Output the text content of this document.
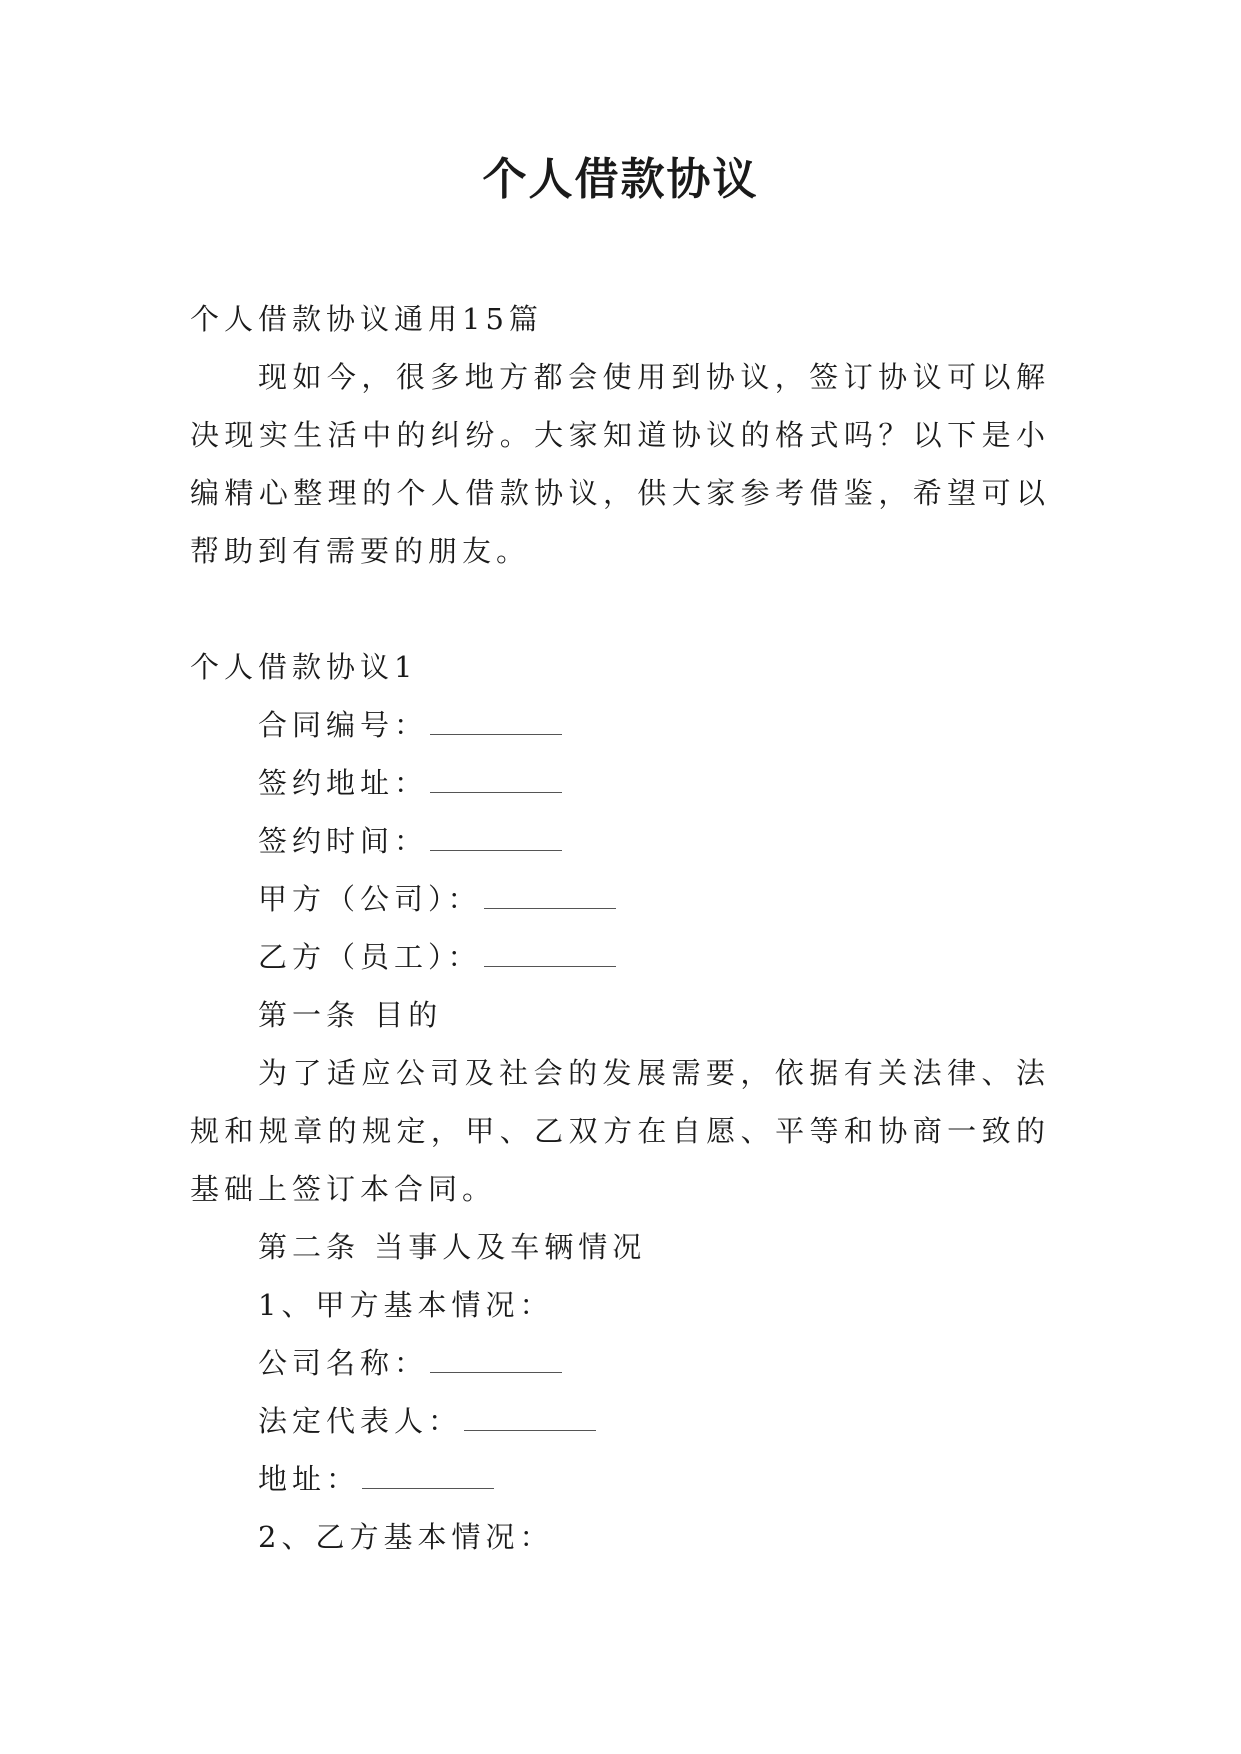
个人借款协议

个人借款协议通用15篇

现如今，很多地方都会使用到协议，签订协议可以解决现实生活中的纠纷。大家知道协议的格式吗？以下是小编精心整理的个人借款协议，供大家参考借鉴，希望可以帮助到有需要的朋友。

个人借款协议1

合同编号：

签约地址：

签约时间：

甲方（公司）：

乙方（员工）：

第一条 目的

为了适应公司及社会的发展需要，依据有关法律、法规和规章的规定，甲、乙双方在自愿、平等和协商一致的基础上签订本合同。

第二条 当事人及车辆情况

1、甲方基本情况：

公司名称：

法定代表人：

地址：

2、乙方基本情况：
